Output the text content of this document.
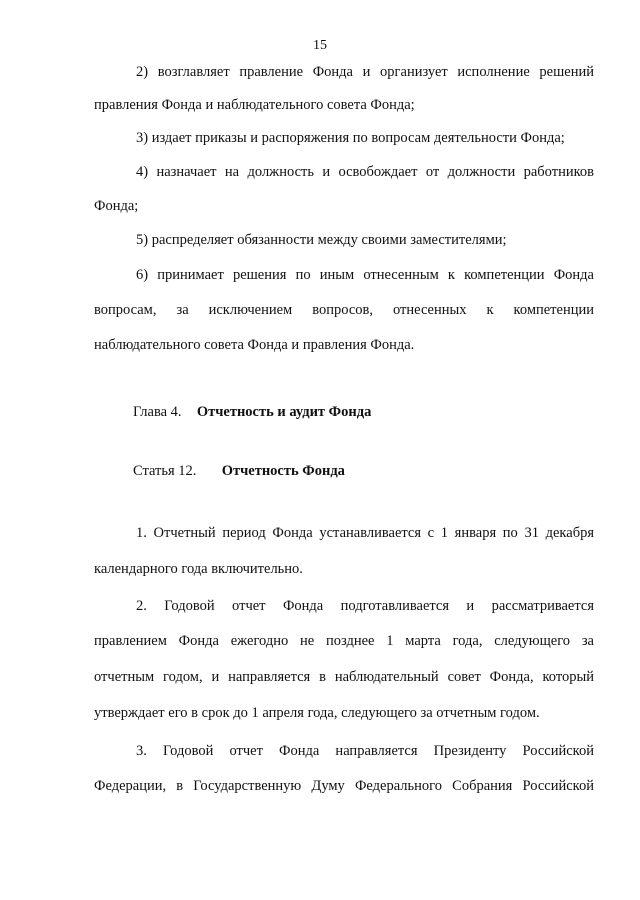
15
2) возглавляет правление Фонда и организует исполнение решений
правления Фонда и наблюдательного совета Фонда;
3) издает приказы и распоряжения по вопросам деятельности Фонда;
4) назначает на должность и освобождает от должности работников
Фонда;
5) распределяет обязанности между своими заместителями;
6) принимает решения по иным отнесенным к компетенции Фонда
вопросам, за исключением вопросов, отнесенных к компетенции
наблюдательного совета Фонда и правления Фонда.
Глава 4. Отчетность и аудит Фонда
Статья 12. Отчетность Фонда
1. Отчетный период Фонда устанавливается с 1 января по 31 декабря
календарного года включительно.
2. Годовой отчет Фонда подготавливается и рассматривается
правлением Фонда ежегодно не позднее 1 марта года, следующего за
отчетным годом, и направляется в наблюдательный совет Фонда, который
утверждает его в срок до 1 апреля года, следующего за отчетным годом.
3. Годовой отчет Фонда направляется Президенту Российской
Федерации, в Государственную Думу Федерального Собрания Российской
